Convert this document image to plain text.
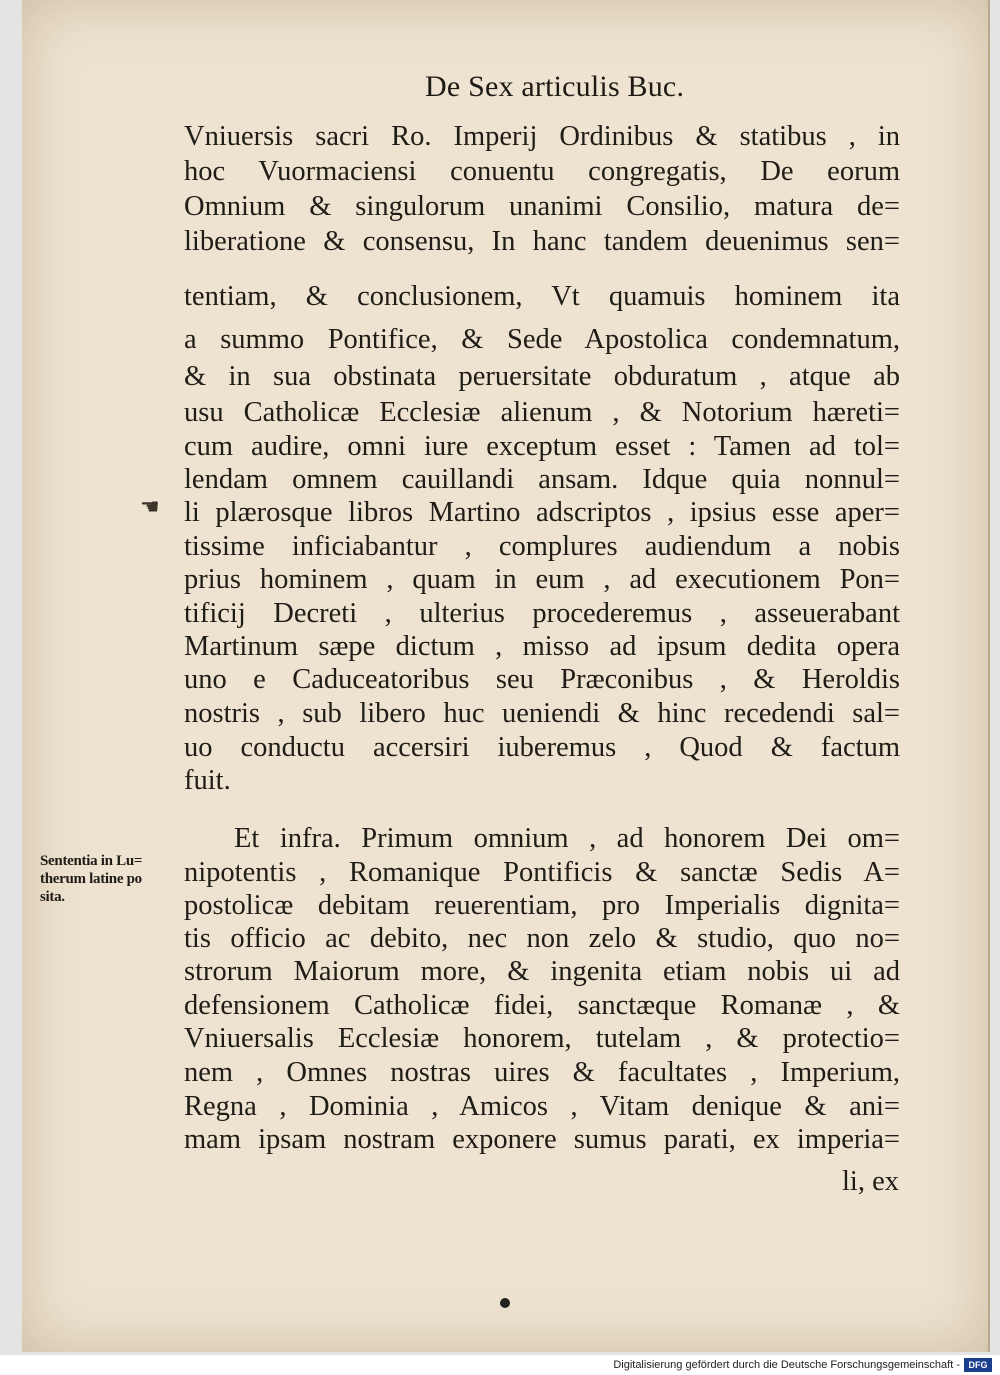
De Sex articulis Buc.
☚
Vniuersis sacri Ro. Imperij Ordinibus & statibus , in
hoc Vuormaciensi conuentu congregatis, De eorum
Omnium & singulorum unanimi Consilio, matura de=
liberatione & consensu, In hanc tandem deuenimus sen=
tentiam, & conclusionem, Vt quamuis hominem ita
a summo Pontifice, & Sede Apostolica condemnatum,
& in sua obstinata peruersitate obduratum , atque ab
usu Catholicæ Ecclesiæ alienum , & Notorium hæreti=
cum audire, omni iure exceptum esset : Tamen ad tol=
lendam omnem cauillandi ansam. Idque quia nonnul=
li plærosque libros Martino adscriptos , ipsius esse aper=
tissime inficiabantur , complures audiendum a nobis
prius hominem , quam in eum , ad executionem Pon=
tificij Decreti , ulterius procederemus , asseuerabant
Martinum sæpe dictum , misso ad ipsum dedita opera
uno e Caduceatoribus seu Præconibus , & Heroldis
nostris , sub libero huc ueniendi & hinc recedendi sal=
uo conductu accersiri iuberemus , Quod & factum
fuit.
Et infra. Primum omnium , ad honorem Dei om=
nipotentis , Romanique Pontificis & sanctæ Sedis A=
postolicæ debitam reuerentiam, pro Imperialis dignita=
tis officio ac debito, nec non zelo & studio, quo no=
strorum Maiorum more, & ingenita etiam nobis ui ad
defensionem Catholicæ fidei, sanctæque Romanæ , &
Vniuersalis Ecclesiæ honorem, tutelam , & protectio=
nem , Omnes nostras uires & facultates , Imperium,
Regna , Dominia , Amicos , Vitam denique & ani=
mam ipsam nostram exponere sumus parati, ex imperia=
Sententia in Lu=
therum latine po
sita.
li, ex
Digitalisierung gefördert durch die Deutsche Forschungsgemeinschaft - DFG
